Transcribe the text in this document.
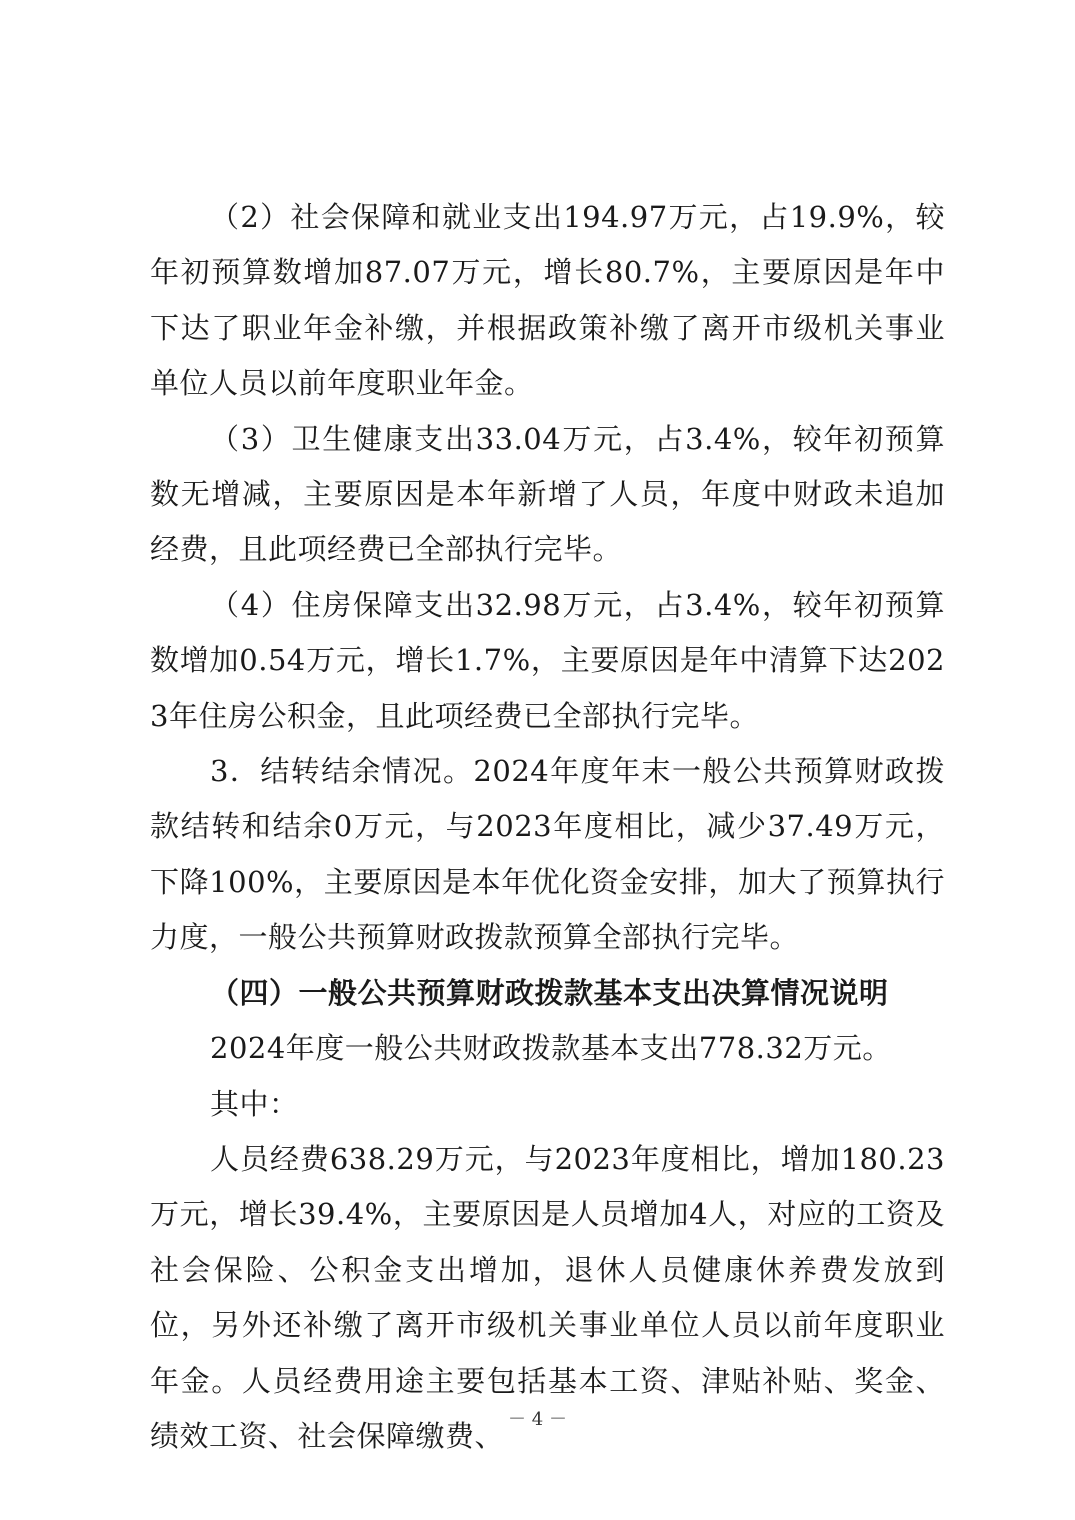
（2）社会保障和就业支出194.97万元，占19.9%，较年初预算数增加87.07万元，增长80.7%，主要原因是年中下达了职业年金补缴，并根据政策补缴了离开市级机关事业单位人员以前年度职业年金。

（3）卫生健康支出33.04万元，占3.4%，较年初预算数无增减，主要原因是本年新增了人员，年度中财政未追加经费，且此项经费已全部执行完毕。

（4）住房保障支出32.98万元，占3.4%，较年初预算数增加0.54万元，增长1.7%，主要原因是年中清算下达2023年住房公积金，且此项经费已全部执行完毕。

3．结转结余情况。2024年度年末一般公共预算财政拨款结转和结余0万元，与2023年度相比，减少37.49万元，下降100%，主要原因是本年优化资金安排，加大了预算执行力度，一般公共预算财政拨款预算全部执行完毕。

（四）一般公共预算财政拨款基本支出决算情况说明

2024年度一般公共财政拨款基本支出778.32万元。

其中：

人员经费638.29万元，与2023年度相比，增加180.23万元，增长39.4%，主要原因是人员增加4人，对应的工资及社会保险、公积金支出增加，退休人员健康休养费发放到位，另外还补缴了离开市级机关事业单位人员以前年度职业年金。人员经费用途主要包括基本工资、津贴补贴、奖金、绩效工资、社会保障缴费、 － 4 －
